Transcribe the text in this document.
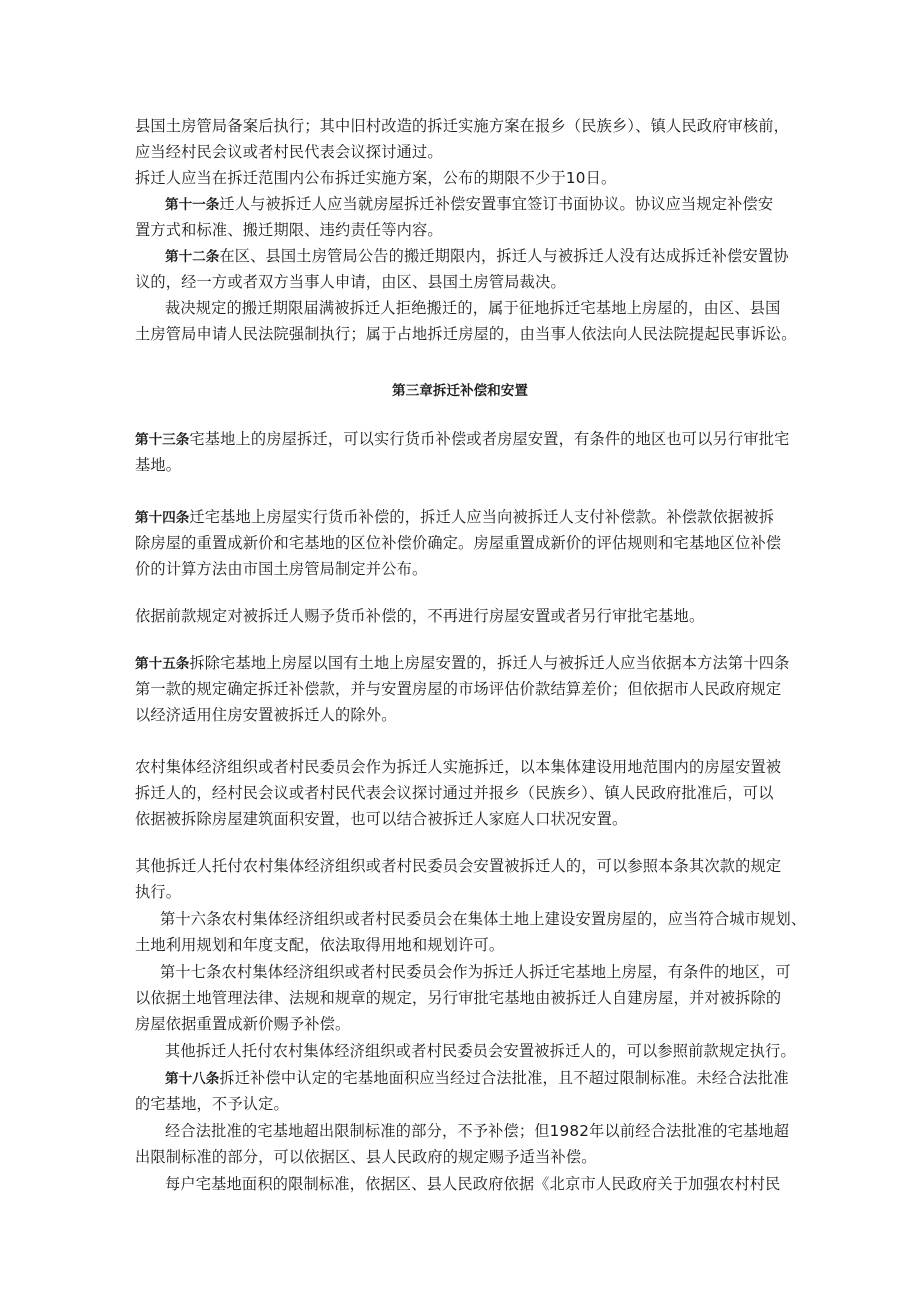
县国土房管局备案后执行；其中旧村改造的拆迁实施方案在报乡（民族乡）、镇人民政府审核前，
应当经村民会议或者村民代表会议探讨通过。
拆迁人应当在拆迁范围内公布拆迁实施方案，公布的期限不少于10日。
第十一条迁人与被拆迁人应当就房屋拆迁补偿安置事宜签订书面协议。协议应当规定补偿安
置方式和标准、搬迁期限、违约责任等内容。
第十二条在区、县国土房管局公告的搬迁期限内，拆迁人与被拆迁人没有达成拆迁补偿安置协
议的，经一方或者双方当事人申请，由区、县国土房管局裁决。
裁决规定的搬迁期限届满被拆迁人拒绝搬迁的，属于征地拆迁宅基地上房屋的，由区、县国
土房管局申请人民法院强制执行；属于占地拆迁房屋的，由当事人依法向人民法院提起民事诉讼。
第三章拆迁补偿和安置
第十三条宅基地上的房屋拆迁，可以实行货币补偿或者房屋安置，有条件的地区也可以另行审批宅
基地。
第十四条迁宅基地上房屋实行货币补偿的，拆迁人应当向被拆迁人支付补偿款。补偿款依据被拆
除房屋的重置成新价和宅基地的区位补偿价确定。房屋重置成新价的评估规则和宅基地区位补偿
价的计算方法由市国土房管局制定并公布。
依据前款规定对被拆迁人赐予货币补偿的，不再进行房屋安置或者另行审批宅基地。
第十五条拆除宅基地上房屋以国有土地上房屋安置的，拆迁人与被拆迁人应当依据本方法第十四条
第一款的规定确定拆迁补偿款，并与安置房屋的市场评估价款结算差价；但依据市人民政府规定
以经济适用住房安置被拆迁人的除外。
农村集体经济组织或者村民委员会作为拆迁人实施拆迁，以本集体建设用地范围内的房屋安置被
拆迁人的，经村民会议或者村民代表会议探讨通过并报乡（民族乡）、镇人民政府批准后，可以
依据被拆除房屋建筑面积安置，也可以结合被拆迁人家庭人口状况安置。
其他拆迁人托付农村集体经济组织或者村民委员会安置被拆迁人的，可以参照本条其次款的规定
执行。
第十六条农村集体经济组织或者村民委员会在集体土地上建设安置房屋的，应当符合城市规划、
土地利用规划和年度支配，依法取得用地和规划许可。
第十七条农村集体经济组织或者村民委员会作为拆迁人拆迁宅基地上房屋，有条件的地区，可
以依据土地管理法律、法规和规章的规定，另行审批宅基地由被拆迁人自建房屋，并对被拆除的
房屋依据重置成新价赐予补偿。
其他拆迁人托付农村集体经济组织或者村民委员会安置被拆迁人的，可以参照前款规定执行。
第十八条拆迁补偿中认定的宅基地面积应当经过合法批准，且不超过限制标准。未经合法批准
的宅基地，不予认定。
经合法批准的宅基地超出限制标准的部分，不予补偿；但1982年以前经合法批准的宅基地超
出限制标准的部分，可以依据区、县人民政府的规定赐予适当补偿。
每户宅基地面积的限制标准，依据区、县人民政府依据《北京市人民政府关于加强农村村民
